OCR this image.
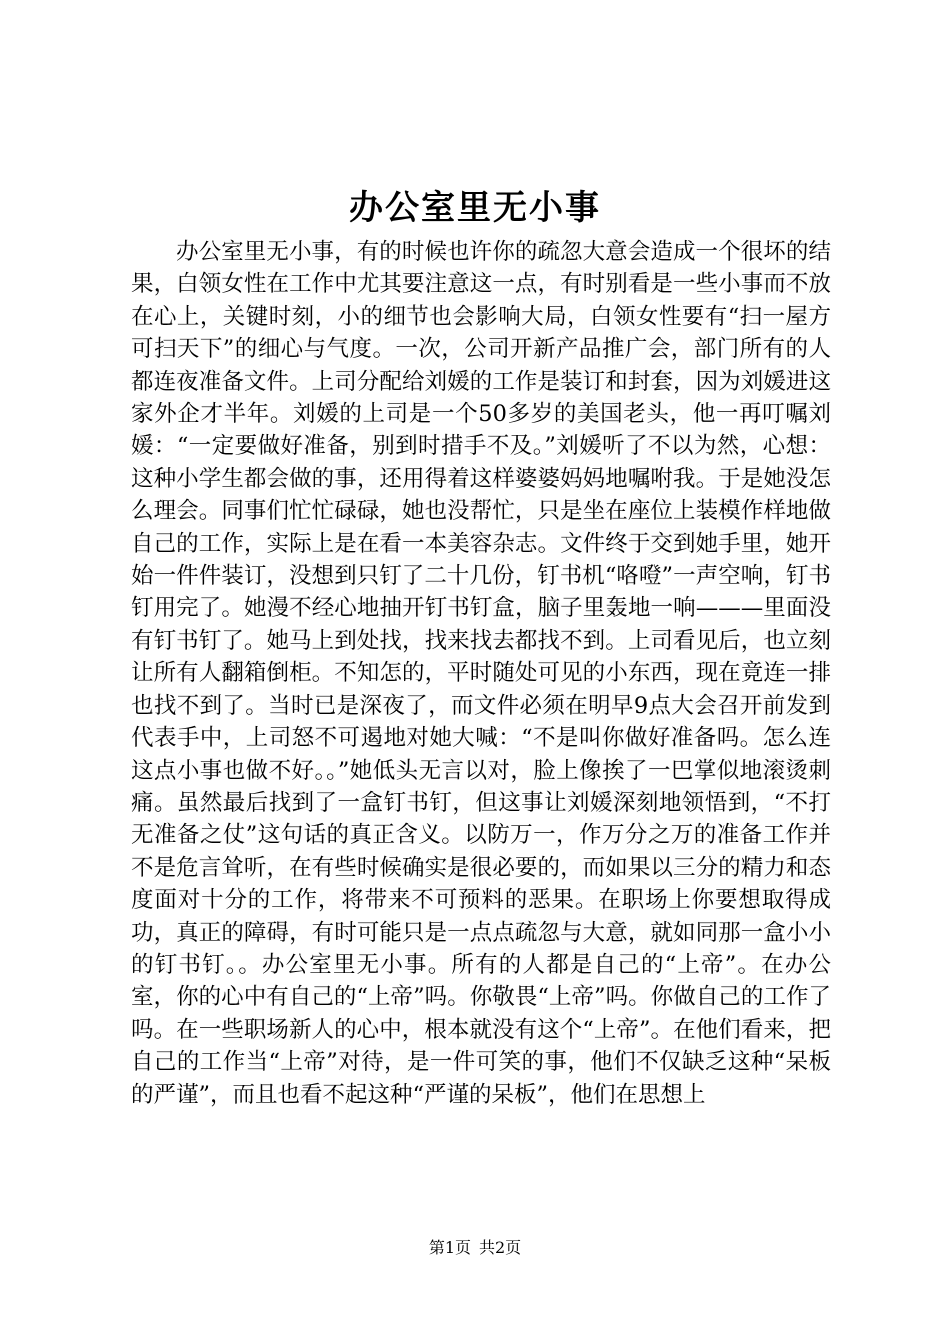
办公室里无小事

办公室里无小事，有的时候也许你的疏忽大意会造成一个很坏的结果，白领女性在工作中尤其要注意这一点，有时别看是一些小事而不放在心上，关键时刻，小的细节也会影响大局，白领女性要有“扫一屋方可扫天下”的细心与气度。一次，公司开新产品推广会，部门所有的人都连夜准备文件。上司分配给刘媛的工作是装订和封套，因为刘媛进这家外企才半年。刘媛的上司是一个50多岁的美国老头，他一再叮嘱刘媛：“一定要做好准备，别到时措手不及。”刘媛听了不以为然，心想：这种小学生都会做的事，还用得着这样婆婆妈妈地嘱咐我。于是她没怎么理会。同事们忙忙碌碌，她也没帮忙，只是坐在座位上装模作样地做自己的工作，实际上是在看一本美容杂志。文件终于交到她手里，她开始一件件装订，没想到只钉了二十几份，钉书机“咯噔”一声空响，钉书钉用完了。她漫不经心地抽开钉书钉盒，脑子里轰地一响———里面没有钉书钉了。她马上到处找，找来找去都找不到。上司看见后，也立刻让所有人翻箱倒柜。不知怎的，平时随处可见的小东西，现在竟连一排也找不到了。当时已是深夜了，而文件必须在明早9点大会召开前发到代表手中，上司怒不可遏地对她大喊：“不是叫你做好准备吗。怎么连这点小事也做不好。。”她低头无言以对，脸上像挨了一巴掌似地滚烫刺痛。虽然最后找到了一盒钉书钉，但这事让刘媛深刻地领悟到，“不打无准备之仗”这句话的真正含义。以防万一，作万分之万的准备工作并不是危言耸听，在有些时候确实是很必要的，而如果以三分的精力和态度面对十分的工作，将带来不可预料的恶果。在职场上你要想取得成功，真正的障碍，有时可能只是一点点疏忽与大意，就如同那一盒小小的钉书钉。。办公室里无小事。所有的人都是自己的“上帝”。在办公室，你的心中有自己的“上帝”吗。你敬畏“上帝”吗。你做自己的工作了吗。在一些职场新人的心中，根本就没有这个“上帝”。在他们看来，把自己的工作当“上帝”对待，是一件可笑的事，他们不仅缺乏这种“呆板的严谨”，而且也看不起这种“严谨的呆板”，他们在思想上

第1页 共2页
